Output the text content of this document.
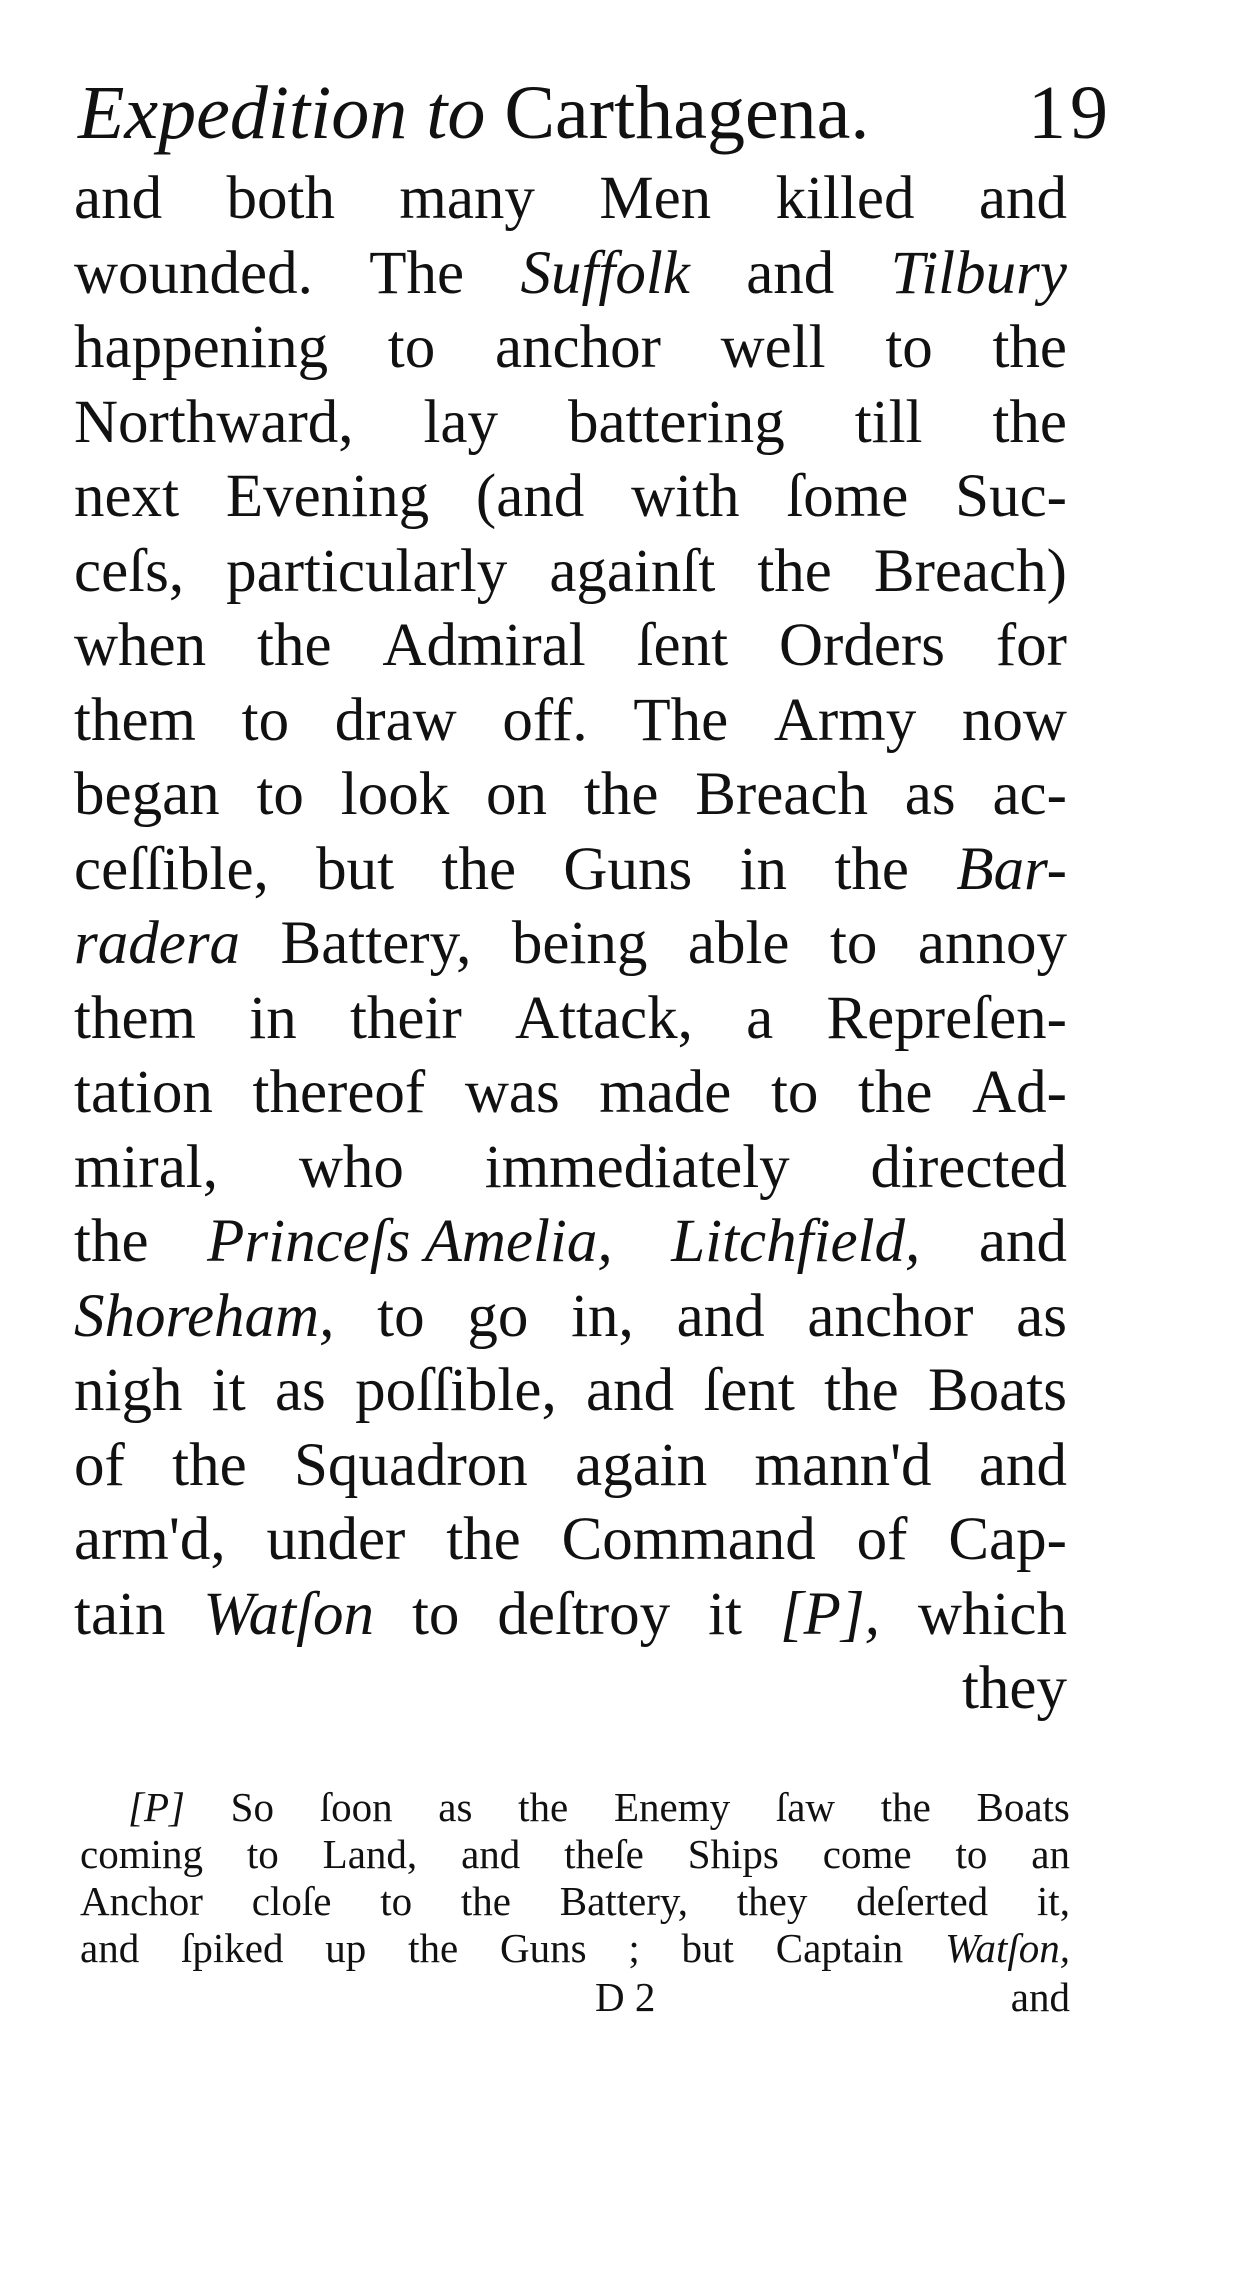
Expedition to Carthagena. 19
and both many Men killed and
wounded. The Suffolk and Tilbury
happening to anchor well to the
Northward, lay battering till the
next Evening (and with ſome Suc-
ceſs, particularly againſt the Breach)
when the Admiral ſent Orders for
them to draw off. The Army now
began to look on the Breach as ac-
ceſſible, but the Guns in the Bar-
radera Battery, being able to annoy
them in their Attack, a Repreſen-
tation thereof was made to the Ad-
miral, who immediately directed
the Princeſs Amelia, Litchfield, and
Shoreham, to go in, and anchor as
nigh it as poſſible, and ſent the Boats
of the Squadron again mann'd and
arm'd, under the Command of Cap-
tain Watſon to deſtroy it [P], which
they
[P] So ſoon as the Enemy ſaw the Boats
coming to Land, and theſe Ships come to an
Anchor cloſe to the Battery, they deſerted it,
and ſpiked up the Guns ; but Captain Watſon,
D 2	and
